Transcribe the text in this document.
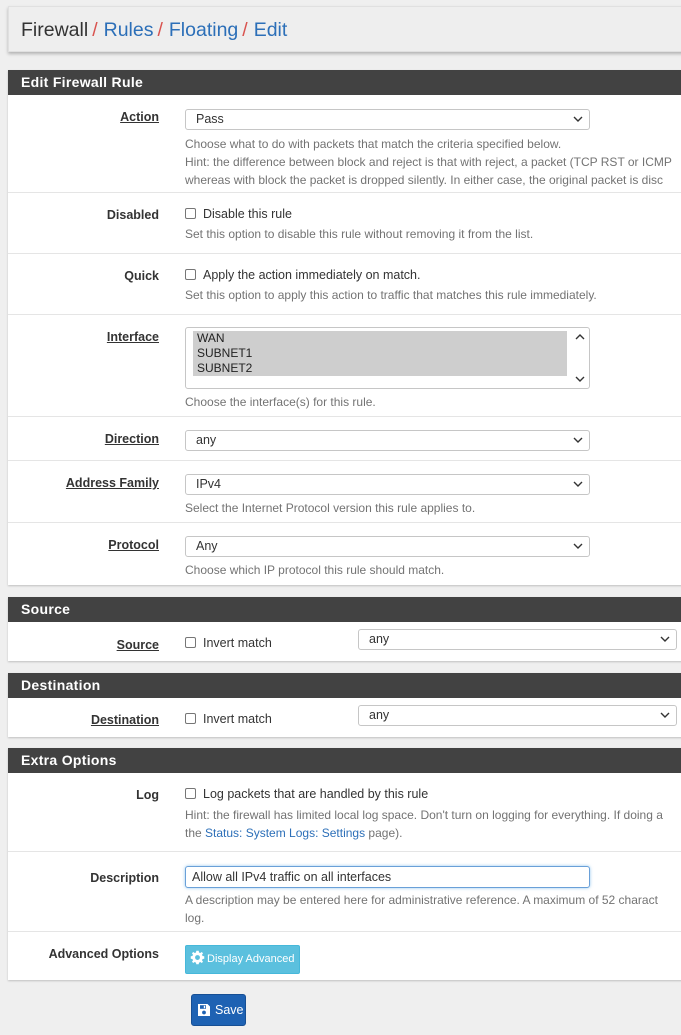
Firewall / Rules / Floating / Edit
Edit Firewall Rule
Action	Pass
Choose what to do with packets that match the criteria specified below.
Hint: the difference between block and reject is that with reject, a packet (TCP RST or ICMP
whereas with block the packet is dropped silently. In either case, the original packet is disc
Disabled	Disable this rule
Set this option to disable this rule without removing it from the list.
Quick	Apply the action immediately on match.
Set this option to apply this action to traffic that matches this rule immediately.
Interface	WAN
SUBNET1
SUBNET2
Choose the interface(s) for this rule.
Direction	any
Address Family	IPv4
Select the Internet Protocol version this rule applies to.
Protocol	Any
Choose which IP protocol this rule should match.
Source
Source	Invert match	any
Destination
Destination	Invert match	any
Extra Options
Log	Log packets that are handled by this rule
Hint: the firewall has limited local log space. Don't turn on logging for everything. If doing a
the Status: System Logs: Settings page).
Description	Allow all IPv4 traffic on all interfaces
A description may be entered here for administrative reference. A maximum of 52 charact
log.
Advanced Options	Display Advanced
Save
